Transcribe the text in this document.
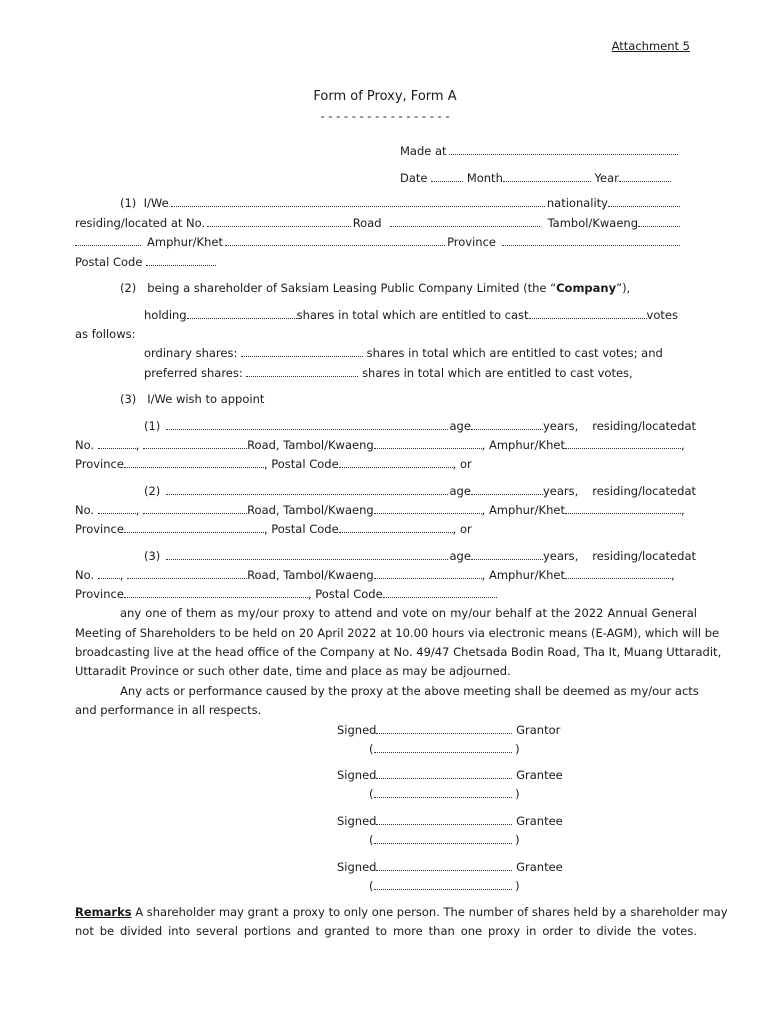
Attachment 5
Form of Proxy, Form A
- - - - - - - - - - - - - - - - -
Made at
Date	Month	Year
(1)
I/We	nationality
residing/located at No.	Road	Tambol/Kwaeng
Amphur/Khet	Province
Postal Code
(2) being a shareholder of Saksiam Leasing Public Company Limited (the “Company”),
holding	shares in total which are entitled to cast	votes
as follows:
ordinary shares:	shares in total which are entitled to cast votes; and
preferred shares:	shares in total which are entitled to cast votes,
(3) I/We wish to appoint
(1)	age	years, residing/located at
No.	,	Road, Tambol/Kwaeng	, Amphur/Khet	,
Province	, Postal Code	, or
(2)	age	years, residing/located at
No.	,	Road, Tambol/Kwaeng	, Amphur/Khet	,
Province	, Postal Code	, or
(3)	age	years, residing/located at
No. ,	Road, Tambol/Kwaeng	, Amphur/Khet	,
Province	, Postal Code
any one of them as my/our proxy to attend and vote on my/our behalf at the 2022 Annual General
Meeting of Shareholders to be held on 20 April 2022 at 10.00 hours via electronic means (E-AGM), which will be
broadcasting live at the head office of the Company at No. 49/47 Chetsada Bodin Road, Tha It, Muang Uttaradit,
Uttaradit Province or such other date, time and place as may be adjourned.
Any acts or performance caused by the proxy at the above meeting shall be deemed as my/our acts
and performance in all respects.
Signed	Grantor
(	)
Signed	Grantee
(	)
Signed	Grantee
(	)
Signed	Grantee
(	)
Remarks A shareholder may grant a proxy to only one person. The number of shares held by a shareholder may
not be divided into several portions and granted to more than one proxy in order to divide the votes.
